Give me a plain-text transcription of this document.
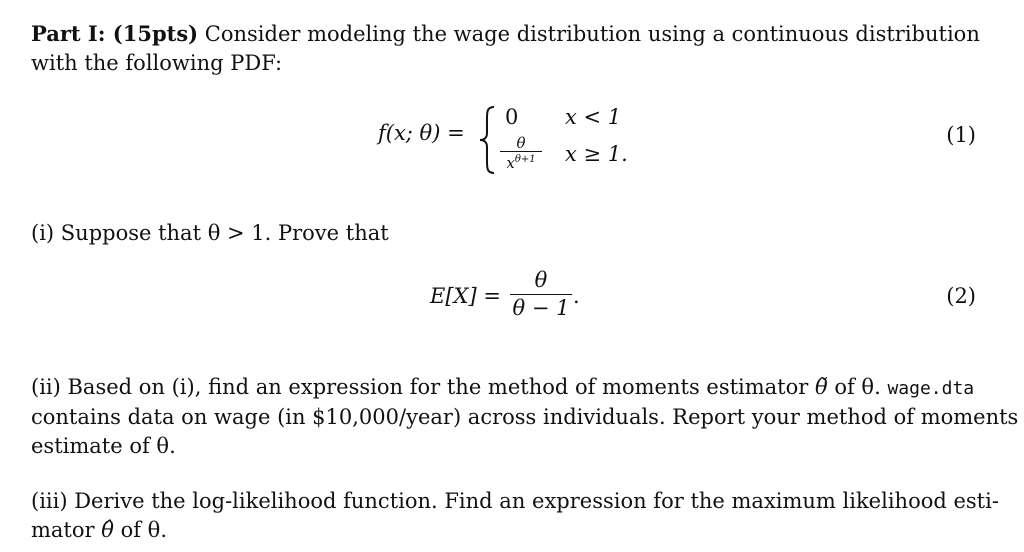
Part I: (15pts) Consider modeling the wage distribution using a continuous distribution
with the following PDF:
f(x; θ) =
0 x < 1
θ
$x^{\theta+1}$	x ≥ 1.
(1)
(i) Suppose that θ > 1. Prove that
$E[X] = \frac{\theta}{\theta - 1}$ .	(2)
(ii) Based on (i), find an expression for the method of moments estimator θ̃ of θ. wage.dta
contains data on wage (in $10,000/year) across individuals. Report your method of moments
estimate of θ.
(iii) Derive the log-likelihood function. Find an expression for the maximum likelihood esti-
mator θ̂ of θ.
